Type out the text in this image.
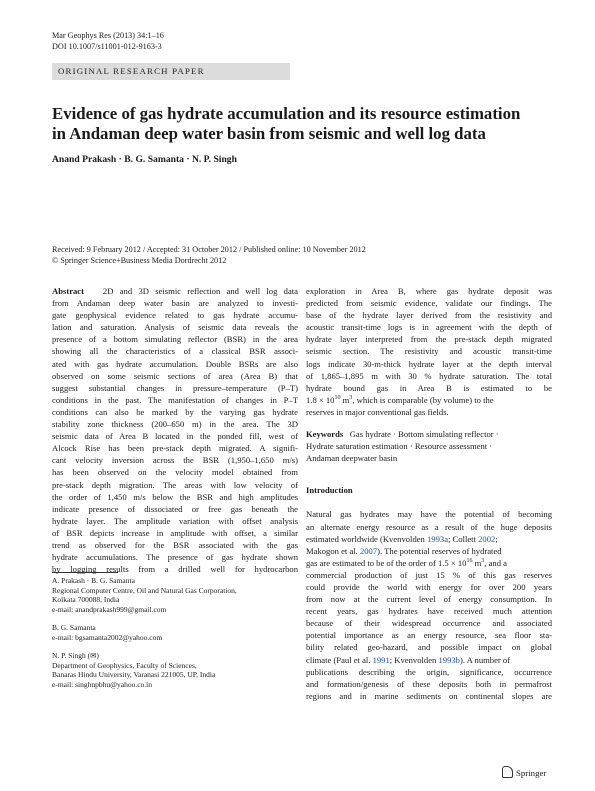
Mar Geophys Res (2013) 34:1–16
DOI 10.1007/s11001-012-9163-3
ORIGINAL RESEARCH PAPER
Evidence of gas hydrate accumulation and its resource estimation
in Andaman deep water basin from seismic and well log data
Anand Prakash · B. G. Samanta · N. P. Singh
Received: 9 February 2012 / Accepted: 31 October 2012 / Published online: 10 November 2012
© Springer Science+Business Media Dordrecht 2012
Abstract 2D and 3D seismic reflection and well log data
from Andaman deep water basin are analyzed to investi-
gate geophysical evidence related to gas hydrate accumu-
lation and saturation. Analysis of seismic data reveals the
presence of a bottom simulating reflector (BSR) in the area
showing all the characteristics of a classical BSR associ-
ated with gas hydrate accumulation. Double BSRs are also
observed on some seismic sections of area (Area B) that
suggest substantial changes in pressure–temperature (P–T)
conditions in the past. The manifestation of changes in P–T
conditions can also be marked by the varying gas hydrate
stability zone thickness (200–650 m) in the area. The 3D
seismic data of Area B located in the ponded fill, west of
Alcock Rise has been pre-stack depth migrated. A signifi-
cant velocity inversion across the BSR (1,950–1,650 m/s)
has been observed on the velocity model obtained from
pre-stack depth migration. The areas with low velocity of
the order of 1,450 m/s below the BSR and high amplitudes
indicate presence of dissociated or free gas beneath the
hydrate layer. The amplitude variation with offset analysis
of BSR depicts increase in amplitude with offset, a similar
trend as observed for the BSR associated with the gas
hydrate accumulations. The presence of gas hydrate shown
by logging results from a drilled well for hydrocarbon
A. Prakash · B. G. Samanta
Regional Computer Centre, Oil and Natural Gas Corporation,
Kolkata 700088, India
e-mail: anandprakash999@gmail.com
B. G. Samanta
e-mail: bgsamanta2002@yahoo.com
N. P. Singh (✉)
Department of Geophysics, Faculty of Sciences,
Banaras Hindu University, Varanasi 221005, UP, India
e-mail: singhnpbhu@yahoo.co.in
exploration in Area B, where gas hydrate deposit was
predicted from seismic evidence, validate our findings. The
base of the hydrate layer derived from the resistivity and
acoustic transit-time logs is in agreement with the depth of
hydrate layer interpreted from the pre-stack depth migrated
seismic section. The resistivity and acoustic transit-time
logs indicate 30-m-thick hydrate layer at the depth interval
of 1,865–1,895 m with 30 % hydrate saturation. The total
hydrate bound gas in Area B is estimated to be
$1.8 \times 10^{10}$ $m^3$, which is comparable (by volume) to the
reserves in major conventional gas fields.
Keywords Gas hydrate · Bottom simulating reflector ·
Hydrate saturation estimation · Resource assessment ·
Andaman deepwater basin
Introduction
Natural gas hydrates may have the potential of becoming
an alternate energy resource as a result of the huge deposits
estimated worldwide (Kvenvolden 1993a; Collett 2002;
Makogon et al. 2007). The potential reserves of hydrated
gas are estimated to be of the order of $1.5 \times 10^{16}$ $m^3$, and a
commercial production of just 15 % of this gas reserves
could provide the world with energy for over 200 years
from now at the current level of energy consumption. In
recent years, gas hydrates have received much attention
because of their widespread occurrence and associated
potential importance as an energy resource, sea floor sta-
bility related geo-hazard, and possible impact on global
climate (Paul et al. 1991; Kvenvolden 1993b). A number of
publications describing the origin, significance, occurrence
and formation/genesis of these deposits both in permafrost
regions and in marine sediments on continental slopes are
Springer
